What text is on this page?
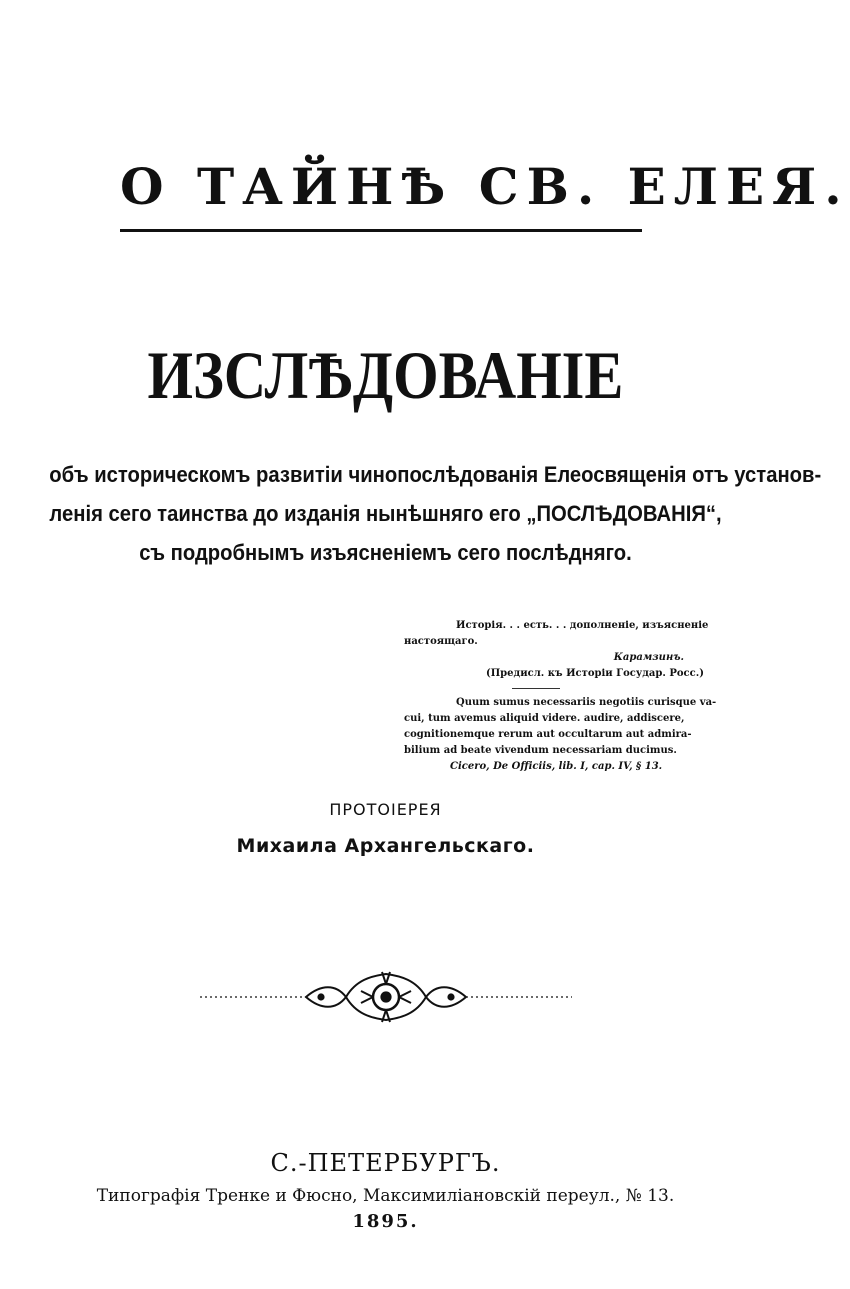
О ТАЙНѢ СВ. ЕЛЕЯ.
ИЗСЛѢДОВАНІЕ
объ историческомъ развитіи чинопослѣдованія Елеосвященія отъ установ-
ленія сего таинства до изданія нынѣшняго его „ПОСЛѢДОВАНІЯ“,
съ подробнымъ изъясненіемъ сего послѣдняго.
Исторія. . . есть. . . дополненіе, изъясненіе
настоящаго.
Карамзинъ.
(Предисл. къ Исторіи Государ. Росс.)
Quum sumus necessariis negotiis curisque va-
cui, tum avemus aliquid videre. audire, addiscere,
cognitionemque rerum aut occultarum aut admira-
bilium ad beate vivendum necessariam ducimus.
Cicero, De Officiis, lib. I, cap. IV, § 13.
ПРОТОІЕРЕЯ
Михаила Архангельскаго.
С.-ПЕТЕРБУРГЪ.
Типографія Тренке и Фюсно, Максимиліановскій переул., № 13.
1895.
